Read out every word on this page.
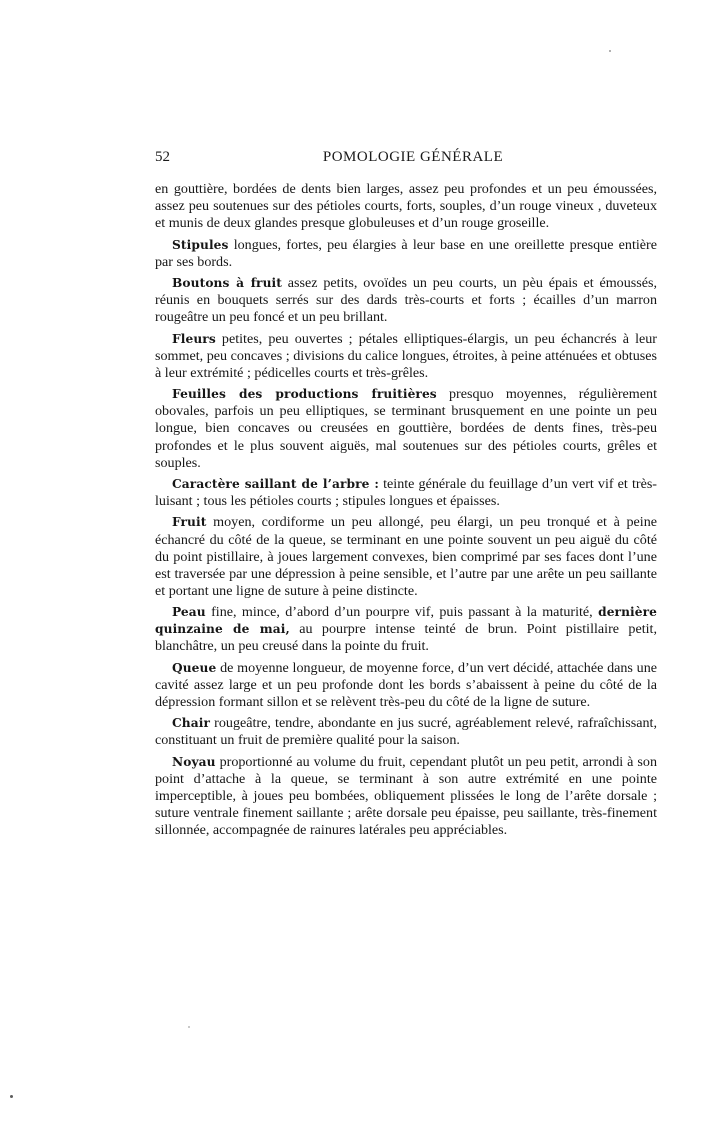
52	POMOLOGIE GÉNÉRALE

en gouttière, bordées de dents bien larges, assez peu profondes et un peu émoussées, assez peu soutenues sur des pétioles courts, forts, souples, d’un rouge vineux , duveteux et munis de deux glandes presque globuleuses et d’un rouge groseille.

Stipules longues, fortes, peu élargies à leur base en une oreillette presque entière par ses bords.

Boutons à fruit assez petits, ovoïdes un peu courts, un pèu épais et émoussés, réunis en bouquets serrés sur des dards très-courts et forts ; écailles d’un marron rougeâtre un peu foncé et un peu brillant.

Fleurs petites, peu ouvertes ; pétales elliptiques-élargis, un peu échancrés à leur sommet, peu concaves ; divisions du calice longues, étroites, à peine atténuées et obtuses à leur extrémité ; pédicelles courts et très-grêles.

Feuilles des productions fruitières presquo moyennes, régulièrement obovales, parfois un peu elliptiques, se terminant brusquement en une pointe un peu longue, bien concaves ou creusées en gouttière, bordées de dents fines, très-peu profondes et le plus souvent aiguës, mal soutenues sur des pétioles courts, grêles et souples.

Caractère saillant de l’arbre : teinte générale du feuillage d’un vert vif et très-luisant ; tous les pétioles courts ; stipules longues et épaisses.

Fruit moyen, cordiforme un peu allongé, peu élargi, un peu tronqué et à peine échancré du côté de la queue, se terminant en une pointe souvent un peu aiguë du côté du point pistillaire, à joues largement convexes, bien comprimé par ses faces dont l’une est traversée par une dépression à peine sensible, et l’autre par une arête un peu saillante et portant une ligne de suture à peine distincte.

Peau fine, mince, d’abord d’un pourpre vif, puis passant à la maturité, dernière quinzaine de mai, au pourpre intense teinté de brun. Point pistillaire petit, blanchâtre, un peu creusé dans la pointe du fruit.

Queue de moyenne longueur, de moyenne force, d’un vert décidé, attachée dans une cavité assez large et un peu profonde dont les bords s’abaissent à peine du côté de la dépression formant sillon et se relèvent très-peu du côté de la ligne de suture.

Chair rougeâtre, tendre, abondante en jus sucré, agréablement relevé, rafraîchissant, constituant un fruit de première qualité pour la saison.

Noyau proportionné au volume du fruit, cependant plutôt un peu petit, arrondi à son point d’attache à la queue, se terminant à son autre extrémité en une pointe imperceptible, à joues peu bombées, obliquement plissées le long de l’arête dorsale ; suture ventrale finement saillante ; arête dorsale peu épaisse, peu saillante, très-finement sillonnée, accompagnée de rainures latérales peu appréciables.
